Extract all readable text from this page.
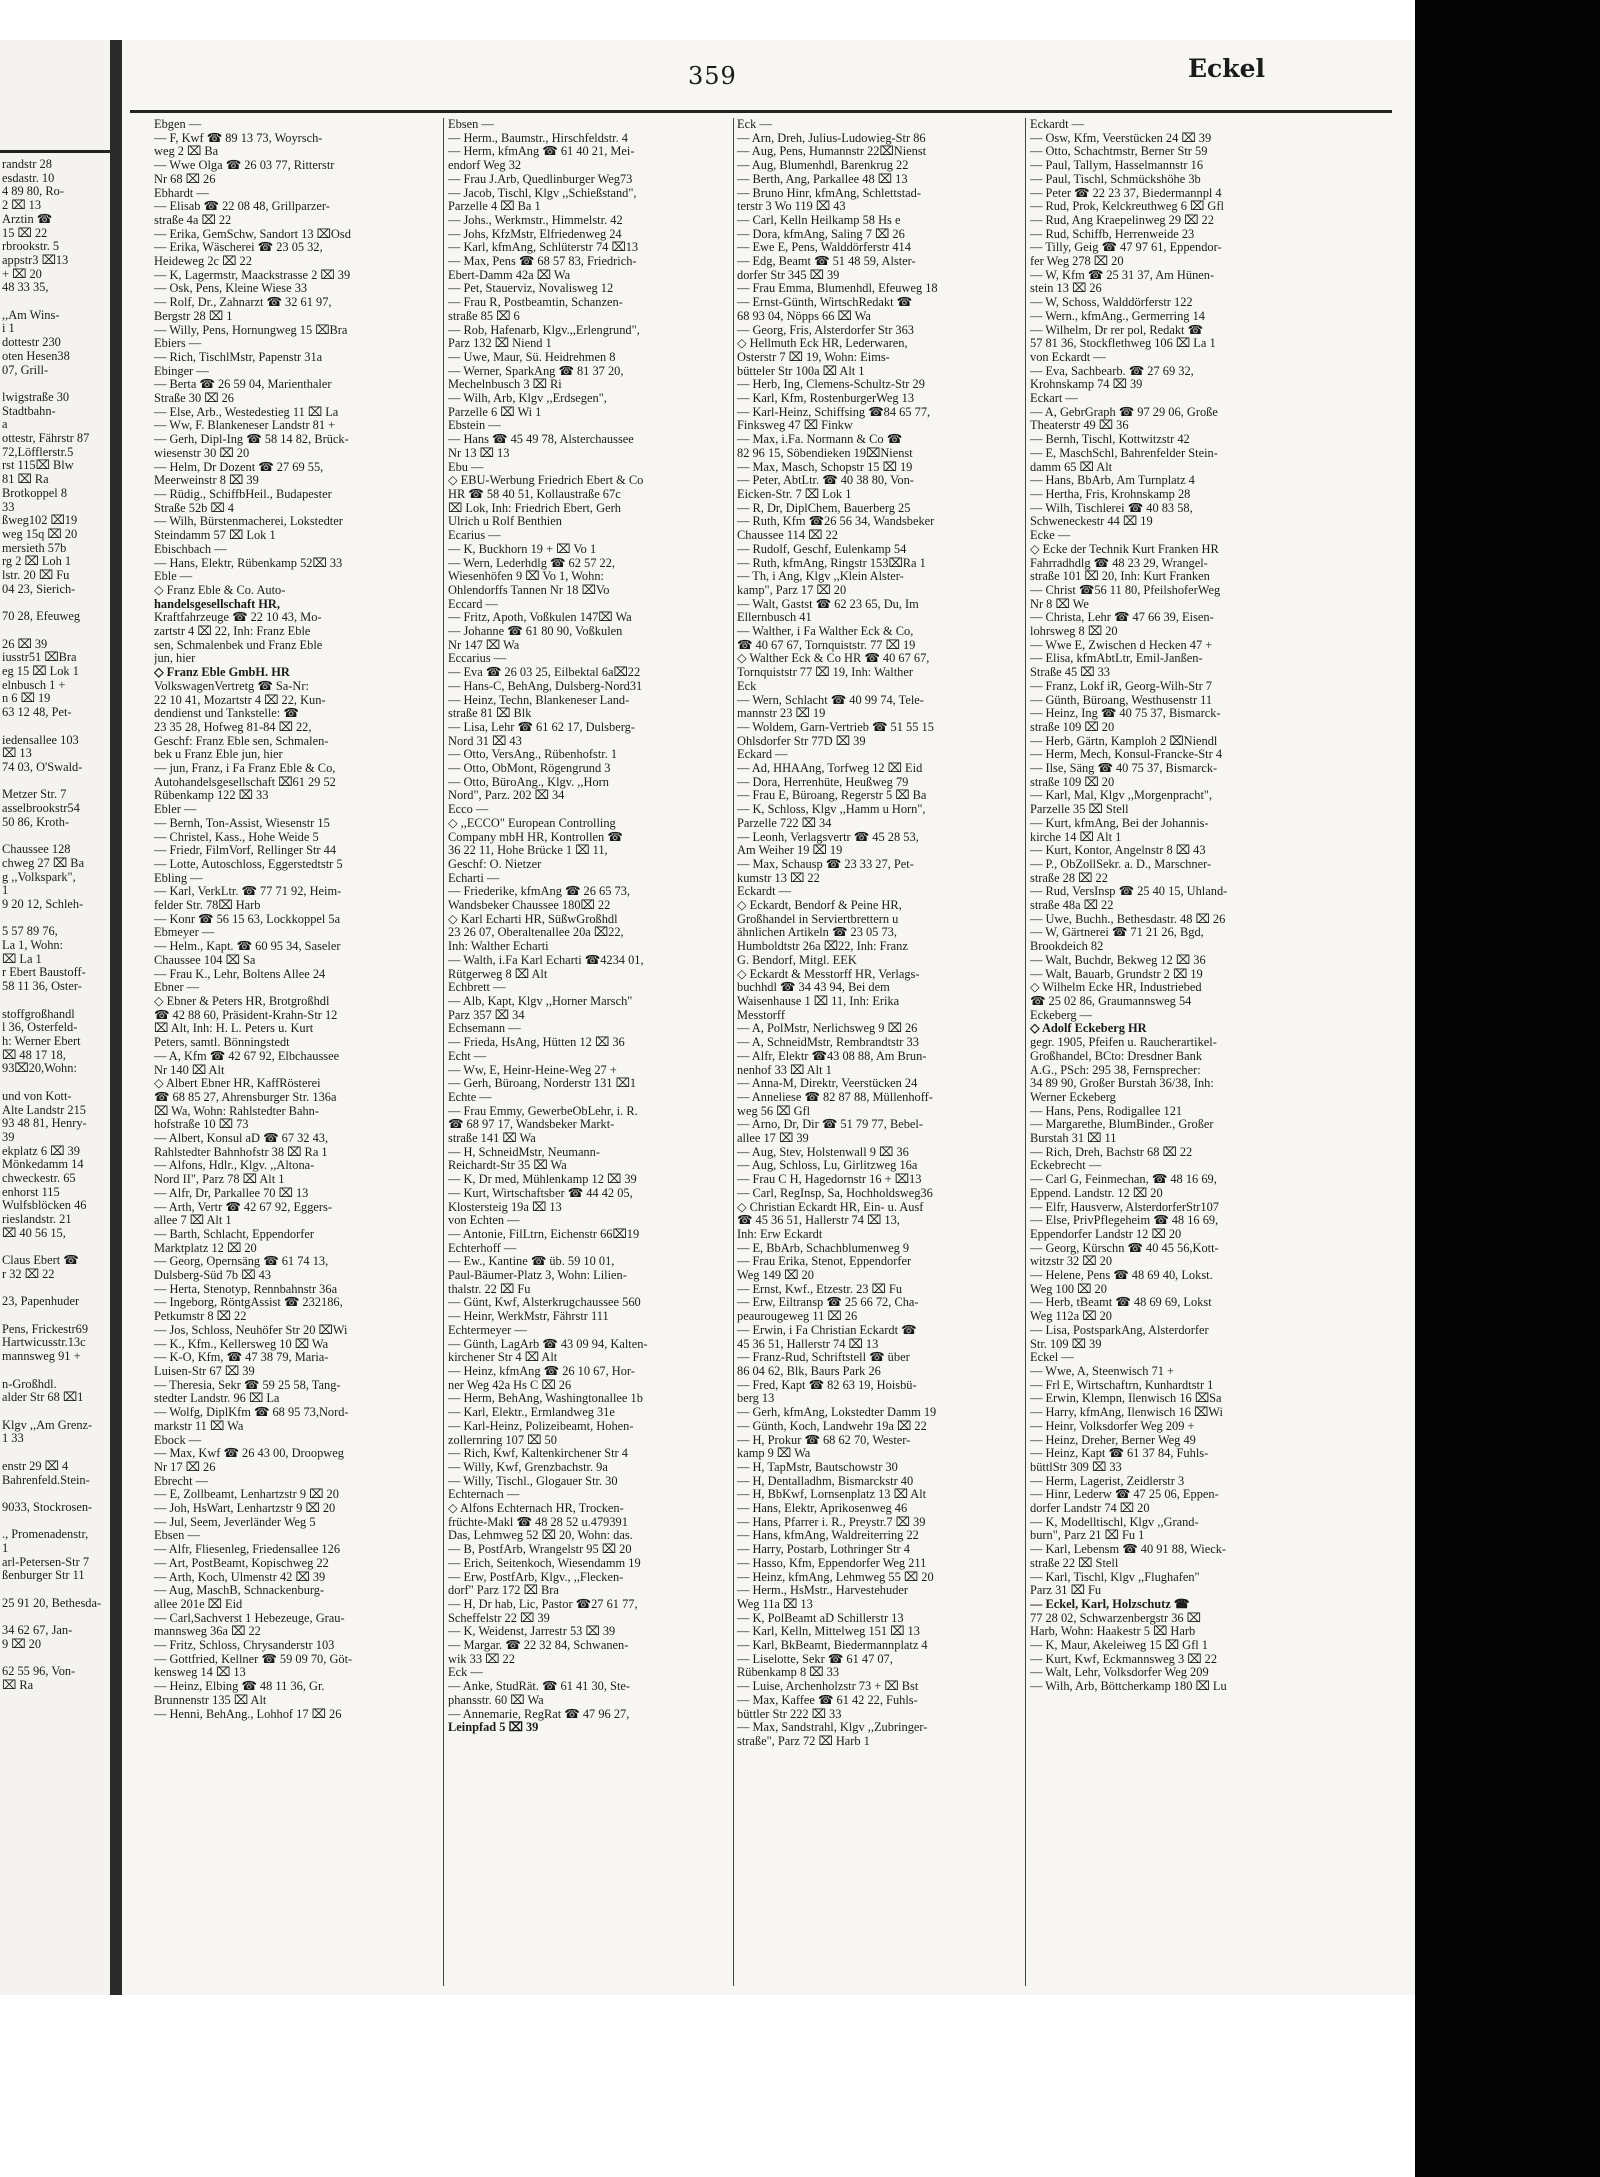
randstr 28
esdastr. 10
4 89 80, Ro-
2 ⌧ 13
Arztin ☎
15 ⌧ 22
rbrookstr. 5
appstr3 ⌧13
+ ⌧ 20
48 33 35,

,,Am Wins-
i 1
dottestr 230
oten Hesen38
07, Grill-

lwigstraße 30
Stadtbahn-
a
ottestr, Fährstr 87
72,Löfflerstr.5
rst 115⌧ Blw
81 ⌧ Ra
Brotkoppel 8
33
ßweg102 ⌧19
weg 15q ⌧ 20
mersieth 57b
rg 2 ⌧ Loh 1
lstr. 20 ⌧ Fu
04 23, Sierich-

70 28, Efeuweg

26 ⌧ 39
iusstr51 ⌧Bra
eg 15 ⌧ Lok 1
elnbusch 1 +
n 6 ⌧ 19
63 12 48, Pet-

iedensallee 103
⌧ 13
74 03, O'Swald-

Metzer Str. 7
asselbrookstr54
50 86, Kroth-

Chaussee 128
chweg 27 ⌧ Ba
g ,,Volkspark",
1
9 20 12, Schleh-

5 57 89 76,
La 1, Wohn:
⌧ La 1
r Ebert Baustoff-
58 11 36, Oster-

stoffgroßhandl
l 36, Osterfeld-
h: Werner Ebert
⌧ 48 17 18,
93⌧20,Wohn:

und von Kott-
Alte Landstr 215
93 48 81, Henry-
39
ekplatz 6 ⌧ 39
Mönkedamm 14
chweckestr. 65
enhorst 115
Wulfsblöcken 46
rieslandstr. 21
⌧ 40 56 15,

Claus Ebert ☎
r 32 ⌧ 22

23, Papenhuder

Pens, Frickestr69
Hartwicusstr.13c
mannsweg 91 +

n-Großhdl.
alder Str 68 ⌧1

Klgv ,,Am Grenz-
1 33

enstr 29 ⌧ 4
Bahrenfeld.Stein-

9033, Stockrosen-

., Promenadenstr,
1
arl-Petersen-Str 7
ßenburger Str 11

25 91 20, Bethesda-

34 62 67, Jan-
9 ⌧ 20

62 55 96, Von-
⌧ Ra
359	Eckel
Ebgen —
— F, Kwf ☎ 89 13 73, Woyrsch-
weg 2 ⌧ Ba
— Wwe Olga ☎ 26 03 77, Ritterstr
Nr 68 ⌧ 26
Ebhardt —
— Elisab ☎ 22 08 48, Grillparzer-
straße 4a ⌧ 22
— Erika, GemSchw, Sandort 13 ⌧Osd
— Erika, Wäscherei ☎ 23 05 32,
Heideweg 2c ⌧ 22
— K, Lagermstr, Maackstrasse 2 ⌧ 39
— Osk, Pens, Kleine Wiese 33
— Rolf, Dr., Zahnarzt ☎ 32 61 97,
Bergstr 28 ⌧ 1
— Willy, Pens, Hornungweg 15 ⌧Bra
Ebiers —
— Rich, TischlMstr, Papenstr 31a
Ebinger —
— Berta ☎ 26 59 04, Marienthaler
Straße 30 ⌧ 26
— Else, Arb., Westedestieg 11 ⌧ La
— Ww, F. Blankeneser Landstr 81 +
— Gerh, Dipl-Ing ☎ 58 14 82, Brück-
wiesenstr 30 ⌧ 20
— Helm, Dr Dozent ☎ 27 69 55,
Meerweinstr 8 ⌧ 39
— Rüdig., SchiffbHeil., Budapester
Straße 52b ⌧ 4
— Wilh, Bürstenmacherei, Lokstedter
Steindamm 57 ⌧ Lok 1
Ebischbach —
— Hans, Elektr, Rübenkamp 52⌧ 33
Eble —
◇ Franz Eble & Co. Auto-
handelsgesellschaft HR,
Kraftfahrzeuge ☎ 22 10 43, Mo-
zartstr 4 ⌧ 22, Inh: Franz Eble
sen, Schmalenbek und Franz Eble
jun, hier
◇ Franz Eble GmbH. HR
VolkswagenVertretg ☎ Sa-Nr:
22 10 41, Mozartstr 4 ⌧ 22, Kun-
dendienst und Tankstelle: ☎
23 35 28, Hofweg 81-84 ⌧ 22,
Geschf: Franz Eble sen, Schmalen-
bek u Franz Eble jun, hier
— jun, Franz, i Fa Franz Eble & Co,
Autohandelsgesellschaft ⌧61 29 52
Rübenkamp 122 ⌧ 33
Ebler —
— Bernh, Ton-Assist, Wiesenstr 15
— Christel, Kass., Hohe Weide 5
— Friedr, FilmVorf, Rellinger Str 44
— Lotte, Autoschloss, Eggerstedtstr 5
Ebling —
— Karl, VerkLtr. ☎ 77 71 92, Heim-
felder Str. 78⌧ Harb
— Konr ☎ 56 15 63, Lockkoppel 5a
Ebmeyer —
— Helm., Kapt. ☎ 60 95 34, Saseler
Chaussee 104 ⌧ Sa
— Frau K., Lehr, Boltens Allee 24
Ebner —
◇ Ebner & Peters HR, Brotgroßhdl
☎ 42 88 60, Präsident-Krahn-Str 12
⌧ Alt, Inh: H. L. Peters u. Kurt
Peters, samtl. Bönningstedt
— A, Kfm ☎ 42 67 92, Elbchaussee
Nr 140 ⌧ Alt
◇ Albert Ebner HR, KaffRösterei
☎ 68 85 27, Ahrensburger Str. 136a
⌧ Wa, Wohn: Rahlstedter Bahn-
hofstraße 10 ⌧ 73
— Albert, Konsul aD ☎ 67 32 43,
Rahlstedter Bahnhofstr 38 ⌧ Ra 1
— Alfons, Hdlr., Klgv. ,,Altona-
Nord II", Parz 78 ⌧ Alt 1
— Alfr, Dr, Parkallee 70 ⌧ 13
— Arth, Vertr ☎ 42 67 92, Eggers-
allee 7 ⌧ Alt 1
— Barth, Schlacht, Eppendorfer
Marktplatz 12 ⌧ 20
— Georg, Opernsäng ☎ 61 74 13,
Dulsberg-Süd 7b ⌧ 43
— Herta, Stenotyp, Rennbahnstr 36a
— Ingeborg, RöntgAssist ☎ 232186,
Petkumstr 8 ⌧ 22
— Jos, Schloss, Neuhöfer Str 20 ⌧Wi
— K., Kfm., Kellersweg 10 ⌧ Wa
— K-O, Kfm, ☎ 47 38 79, Maria-
Luisen-Str 67 ⌧ 39
— Theresia, Sekr ☎ 59 25 58, Tang-
stedter Landstr. 96 ⌧ La
— Wolfg, DiplKfm ☎ 68 95 73,Nord-
markstr 11 ⌧ Wa
Ebock —
— Max, Kwf ☎ 26 43 00, Droopweg
Nr 17 ⌧ 26
Ebrecht —
— E, Zollbeamt, Lenhartzstr 9 ⌧ 20
— Joh, HsWart, Lenhartzstr 9 ⌧ 20
— Jul, Seem, Jeverländer Weg 5
Ebsen —
— Alfr, Fliesenleg, Friedensallee 126
— Art, PostBeamt, Kopischweg 22
— Arth, Koch, Ulmenstr 42 ⌧ 39
— Aug, MaschB, Schnackenburg-
allee 201e ⌧ Eid
— Carl,Sachverst 1 Hebezeuge, Grau-
mannsweg 36a ⌧ 22
— Fritz, Schloss, Chrysanderstr 103
— Gottfried, Kellner ☎ 59 09 70, Göt-
kensweg 14 ⌧ 13
— Heinz, Elbing ☎ 48 11 36, Gr.
Brunnenstr 135 ⌧ Alt
— Henni, BehAng., Lohhof 17 ⌧ 26
Ebsen —
— Herm., Baumstr., Hirschfeldstr. 4
— Herm, kfmAng ☎ 61 40 21, Mei-
endorf Weg 32
— Frau J.Arb, Quedlinburger Weg73
— Jacob, Tischl, Klgv ,,Schießstand",
Parzelle 4 ⌧ Ba 1
— Johs., Werkmstr., Himmelstr. 42
— Johs, KfzMstr, Elfriedenweg 24
— Karl, kfmAng, Schlüterstr 74 ⌧13
— Max, Pens ☎ 68 57 83, Friedrich-
Ebert-Damm 42a ⌧ Wa
— Pet, Stauerviz, Novalisweg 12
— Frau R, Postbeamtin, Schanzen-
straße 85 ⌧ 6
— Rob, Hafenarb, Klgv.,,Erlengrund",
Parz 132 ⌧ Niend 1
— Uwe, Maur, Sü. Heidrehmen 8
— Werner, SparkAng ☎ 81 37 20,
Mechelnbusch 3 ⌧ Ri
— Wilh, Arb, Klgv ,,Erdsegen",
Parzelle 6 ⌧ Wi 1
Ebstein —
— Hans ☎ 45 49 78, Alsterchaussee
Nr 13 ⌧ 13
Ebu —
◇ EBU-Werbung Friedrich Ebert & Co
HR ☎ 58 40 51, Kollaustraße 67c
⌧ Lok, Inh: Friedrich Ebert, Gerh
Ulrich u Rolf Benthien
Ecarius —
— K, Buckhorn 19 + ⌧ Vo 1
— Wern, Lederhdlg ☎ 62 57 22,
Wiesenhöfen 9 ⌧ Vo 1, Wohn:
Ohlendorffs Tannen Nr 18 ⌧Vo
Eccard —
— Fritz, Apoth, Voßkulen 147⌧ Wa
— Johanne ☎ 61 80 90, Voßkulen
Nr 147 ⌧ Wa
Eccarius —
— Eva ☎ 26 03 25, Eilbektal 6a⌧22
— Hans-C, BehAng, Dulsberg-Nord31
— Heinz, Techn, Blankeneser Land-
straße 81 ⌧ Blk
— Lisa, Lehr ☎ 61 62 17, Dulsberg-
Nord 31 ⌧ 43
— Otto, VersAng., Rübenhofstr. 1
— Otto, ObMont, Rögengrund 3
— Otto, BüroAng., Klgv. ,,Horn
Nord", Parz. 202 ⌧ 34
Ecco —
◇ ,,ECCO" European Controlling
Company mbH HR, Kontrollen ☎
36 22 11, Hohe Brücke 1 ⌧ 11,
Geschf: O. Nietzer
Echarti —
— Friederike, kfmAng ☎ 26 65 73,
Wandsbeker Chaussee 180⌧ 22
◇ Karl Echarti HR, SüßwGroßhdl
23 26 07, Oberaltenallee 20a ⌧22,
Inh: Walther Echarti
— Walth, i.Fa Karl Echarti ☎4234 01,
Rütgerweg 8 ⌧ Alt
Echbrett —
— Alb, Kapt, Klgv ,,Horner Marsch"
Parz 357 ⌧ 34
Echsemann —
— Frieda, HsAng, Hütten 12 ⌧ 36
Echt —
— Ww, E, Heinr-Heine-Weg 27 +
— Gerh, Büroang, Norderstr 131 ⌧1
Echte —
— Frau Emmy, GewerbeObLehr, i. R.
☎ 68 97 17, Wandsbeker Markt-
straße 141 ⌧ Wa
— H, SchneidMstr, Neumann-
Reichardt-Str 35 ⌧ Wa
— K, Dr med, Mühlenkamp 12 ⌧ 39
— Kurt, Wirtschaftsber ☎ 44 42 05,
Klostersteig 19a ⌧ 13
von Echten —
— Antonie, FilLtrn, Eichenstr 66⌧19
Echterhoff —
— Ew., Kantine ☎ üb. 59 10 01,
Paul-Bäumer-Platz 3, Wohn: Lilien-
thalstr. 22 ⌧ Fu
— Günt, Kwf, Alsterkrugchaussee 560
— Heinr, WerkMstr, Fährstr 111
Echtermeyer —
— Günth, LagArb ☎ 43 09 94, Kalten-
kirchener Str 4 ⌧ Alt
— Heinz, kfmAng ☎ 26 10 67, Hor-
ner Weg 42a Hs C ⌧ 26
— Herm, BehAng, Washingtonallee 1b
— Karl, Elektr., Ermlandweg 31e
— Karl-Heinz, Polizeibeamt, Hohen-
zollernring 107 ⌧ 50
— Rich, Kwf, Kaltenkirchener Str 4
— Willy, Kwf, Grenzbachstr. 9a
— Willy, Tischl., Glogauer Str. 30
Echternach —
◇ Alfons Echternach HR, Trocken-
früchte-Makl ☎ 48 28 52 u.479391
Das, Lehmweg 52 ⌧ 20, Wohn: das.
— B, PostfArb, Wrangelstr 95 ⌧ 20
— Erich, Seitenkoch, Wiesendamm 19
— Erw, PostfArb, Klgv., ,,Flecken-
dorf" Parz 172 ⌧ Bra
— H, Dr hab, Lic, Pastor ☎27 61 77,
Scheffelstr 22 ⌧ 39
— K, Weidenst, Jarrestr 53 ⌧ 39
— Margar. ☎ 22 32 84, Schwanen-
wik 33 ⌧ 22
Eck —
— Anke, StudRät. ☎ 61 41 30, Ste-
phansstr. 60 ⌧ Wa
— Annemarie, RegRat ☎ 47 96 27,
Leinpfad 5 ⌧ 39
Eck —
— Arn, Dreh, Julius-Ludowieg-Str 86
— Aug, Pens, Humannstr 22⌧Nienst
— Aug, Blumenhdl, Barenkrug 22
— Berth, Ang, Parkallee 48 ⌧ 13
— Bruno Hinr, kfmAng, Schlettstad-
terstr 3 Wo 119 ⌧ 43
— Carl, Kelln Heilkamp 58 Hs e
— Dora, kfmAng, Saling 7 ⌧ 26
— Ewe E, Pens, Walddörferstr 414
— Edg, Beamt ☎ 51 48 59, Alster-
dorfer Str 345 ⌧ 39
— Frau Emma, Blumenhdl, Efeuweg 18
— Ernst-Günth, WirtschRedakt ☎
68 93 04, Nöpps 66 ⌧ Wa
— Georg, Fris, Alsterdorfer Str 363
◇ Hellmuth Eck HR, Lederwaren,
Osterstr 7 ⌧ 19, Wohn: Eims-
bütteler Str 100a ⌧ Alt 1
— Herb, Ing, Clemens-Schultz-Str 29
— Karl, Kfm, RostenburgerWeg 13
— Karl-Heinz, Schiffsing ☎84 65 77,
Finksweg 47 ⌧ Finkw
— Max, i.Fa. Normann & Co ☎
82 96 15, Söbendieken 19⌧Nienst
— Max, Masch, Schopstr 15 ⌧ 19
— Peter, AbtLtr. ☎ 40 38 80, Von-
Eicken-Str. 7 ⌧ Lok 1
— R, Dr, DiplChem, Bauerberg 25
— Ruth, Kfm ☎26 56 34, Wandsbeker
Chaussee 114 ⌧ 22
— Rudolf, Geschf, Eulenkamp 54
— Ruth, kfmAng, Ringstr 153⌧Ra 1
— Th, i Ang, Klgv ,,Klein Alster-
kamp", Parz 17 ⌧ 20
— Walt, Gastst ☎ 62 23 65, Du, Im
Ellernbusch 41
— Walther, i Fa Walther Eck & Co,
☎ 40 67 67, Tornquiststr. 77 ⌧ 19
◇ Walther Eck & Co HR ☎ 40 67 67,
Tornquiststr 77 ⌧ 19, Inh: Walther
Eck
— Wern, Schlacht ☎ 40 99 74, Tele-
mannstr 23 ⌧ 19
— Woldem, Garn-Vertrieb ☎ 51 55 15
Ohlsdorfer Str 77D ⌧ 39
Eckard —
— Ad, HHAAng, Torfweg 12 ⌧ Eid
— Dora, Herrenhüte, Heußweg 79
— Frau E, Büroang, Regerstr 5 ⌧ Ba
— K, Schloss, Klgv ,,Hamm u Horn",
Parzelle 722 ⌧ 34
— Leonh, Verlagsvertr ☎ 45 28 53,
Am Weiher 19 ⌧ 19
— Max, Schausp ☎ 23 33 27, Pet-
kumstr 13 ⌧ 22
Eckardt —
◇ Eckardt, Bendorf & Peine HR,
Großhandel in Serviertbrettern u
ähnlichen Artikeln ☎ 23 05 73,
Humboldtstr 26a ⌧22, Inh: Franz
G. Bendorf, Mitgl. EEK
◇ Eckardt & Messtorff HR, Verlags-
buchhdl ☎ 34 43 94, Bei dem
Waisenhause 1 ⌧ 11, Inh: Erika
Messtorff
— A, PolMstr, Nerlichsweg 9 ⌧ 26
— A, SchneidMstr, Rembrandtstr 33
— Alfr, Elektr ☎43 08 88, Am Brun-
nenhof 33 ⌧ Alt 1
— Anna-M, Direktr, Veerstücken 24
— Anneliese ☎ 82 87 88, Müllenhoff-
weg 56 ⌧ Gfl
— Arno, Dr, Dir ☎ 51 79 77, Bebel-
allee 17 ⌧ 39
— Aug, Stev, Holstenwall 9 ⌧ 36
— Aug, Schloss, Lu, Girlitzweg 16a
— Frau C H, Hagedornstr 16 + ⌧13
— Carl, RegInsp, Sa, Hochholdsweg36
◇ Christian Eckardt HR, Ein- u. Ausf
☎ 45 36 51, Hallerstr 74 ⌧ 13,
Inh: Erw Eckardt
— E, BbArb, Schachblumenweg 9
— Frau Erika, Stenot, Eppendorfer
Weg 149 ⌧ 20
— Ernst, Kwf., Etzestr. 23 ⌧ Fu
— Erw, Eiltransp ☎ 25 66 72, Cha-
peaurougeweg 11 ⌧ 26
— Erwin, i Fa Christian Eckardt ☎
45 36 51, Hallerstr 74 ⌧ 13
— Franz-Rud, Schriftstell ☎ über
86 04 62, Blk, Baurs Park 26
— Fred, Kapt ☎ 82 63 19, Hoisbü-
berg 13
— Gerh, kfmAng, Lokstedter Damm 19
— Günth, Koch, Landwehr 19a ⌧ 22
— H, Prokur ☎ 68 62 70, Wester-
kamp 9 ⌧ Wa
— H, TapMstr, Bautschowstr 30
— H, Dentalladhm, Bismarckstr 40
— H, BbKwf, Lornsenplatz 13 ⌧ Alt
— Hans, Elektr, Aprikosenweg 46
— Hans, Pfarrer i. R., Preystr.7 ⌧ 39
— Hans, kfmAng, Waldreiterring 22
— Harry, Postarb, Lothringer Str 4
— Hasso, Kfm, Eppendorfer Weg 211
— Heinz, kfmAng, Lehmweg 55 ⌧ 20
— Herm., HsMstr., Harvestehuder
Weg 11a ⌧ 13
— K, PolBeamt aD Schillerstr 13
— Karl, Kelln, Mittelweg 151 ⌧ 13
— Karl, BkBeamt, Biedermannplatz 4
— Liselotte, Sekr ☎ 61 47 07,
Rübenkamp 8 ⌧ 33
— Luise, Archenholzstr 73 + ⌧ Bst
— Max, Kaffee ☎ 61 42 22, Fuhls-
büttler Str 222 ⌧ 33
— Max, Sandstrahl, Klgv ,,Zubringer-
straße", Parz 72 ⌧ Harb 1
Eckardt —
— Osw, Kfm, Veerstücken 24 ⌧ 39
— Otto, Schachtmstr, Berner Str 59
— Paul, Tallym, Hasselmannstr 16
— Paul, Tischl, Schmückshöhe 3b
— Peter ☎ 22 23 37, Biedermannpl 4
— Rud, Prok, Kelckreuthweg 6 ⌧ Gfl
— Rud, Ang Kraepelinweg 29 ⌧ 22
— Rud, Schiffb, Herrenweide 23
— Tilly, Geig ☎ 47 97 61, Eppendor-
fer Weg 278 ⌧ 20
— W, Kfm ☎ 25 31 37, Am Hünen-
stein 13 ⌧ 26
— W, Schoss, Walddörferstr 122
— Wern., kfmAng., Germerring 14
— Wilhelm, Dr rer pol, Redakt ☎
57 81 36, Stockflethweg 106 ⌧ La 1
von Eckardt —
— Eva, Sachbearb. ☎ 27 69 32,
Krohnskamp 74 ⌧ 39
Eckart —
— A, GebrGraph ☎ 97 29 06, Große
Theaterstr 49 ⌧ 36
— Bernh, Tischl, Kottwitzstr 42
— E, MaschSchl, Bahrenfelder Stein-
damm 65 ⌧ Alt
— Hans, BbArb, Am Turnplatz 4
— Hertha, Fris, Krohnskamp 28
— Wilh, Tischlerei ☎ 40 83 58,
Schweneckestr 44 ⌧ 19
Ecke —
◇ Ecke der Technik Kurt Franken HR
Fahrradhdlg ☎ 48 23 29, Wrangel-
straße 101 ⌧ 20, Inh: Kurt Franken
— Christ ☎56 11 80, PfeilshoferWeg
Nr 8 ⌧ We
— Christa, Lehr ☎ 47 66 39, Eisen-
lohrsweg 8 ⌧ 20
— Wwe E, Zwischen d Hecken 47 +
— Elisa, kfmAbtLtr, Emil-Janßen-
Straße 45 ⌧ 33
— Franz, Lokf iR, Georg-Wilh-Str 7
— Günth, Büroang, Westhusenstr 11
— Heinz, Ing ☎ 40 75 37, Bismarck-
straße 109 ⌧ 20
— Herb, Gärtn, Kamploh 2 ⌧Niendl
— Herm, Mech, Konsul-Francke-Str 4
— Ilse, Säng ☎ 40 75 37, Bismarck-
straße 109 ⌧ 20
— Karl, Mal, Klgv ,,Morgenpracht",
Parzelle 35 ⌧ Stell
— Kurt, kfmAng, Bei der Johannis-
kirche 14 ⌧ Alt 1
— Kurt, Kontor, Angelnstr 8 ⌧ 43
— P., ObZollSekr. a. D., Marschner-
straße 28 ⌧ 22
— Rud, VersInsp ☎ 25 40 15, Uhland-
straße 48a ⌧ 22
— Uwe, Buchh., Bethesdastr. 48 ⌧ 26
— W, Gärtnerei ☎ 71 21 26, Bgd,
Brookdeich 82
— Walt, Buchdr, Bekweg 12 ⌧ 36
— Walt, Bauarb, Grundstr 2 ⌧ 19
◇ Wilhelm Ecke HR, Industriebed
☎ 25 02 86, Graumannsweg 54
Eckeberg —
◇ Adolf Eckeberg HR
gegr. 1905, Pfeifen u. Raucherartikel-
Großhandel, BCto: Dresdner Bank
A.G., PSch: 295 38, Fernsprecher:
34 89 90, Großer Burstah 36/38, Inh:
Werner Eckeberg
— Hans, Pens, Rodigallee 121
— Margarethe, BlumBinder., Großer
Burstah 31 ⌧ 11
— Rich, Dreh, Bachstr 68 ⌧ 22
Eckebrecht —
— Carl G, Feinmechan, ☎ 48 16 69,
Eppend. Landstr. 12 ⌧ 20
— Elfr, Hausverw, AlsterdorferStr107
— Else, PrivPflegeheim ☎ 48 16 69,
Eppendorfer Landstr 12 ⌧ 20
— Georg, Kürschn ☎ 40 45 56,Kott-
witzstr 32 ⌧ 20
— Helene, Pens ☎ 48 69 40, Lokst.
Weg 100 ⌧ 20
— Herb, tBeamt ☎ 48 69 69, Lokst
Weg 112a ⌧ 20
— Lisa, PostsparkAng, Alsterdorfer
Str. 109 ⌧ 39
Eckel —
— Wwe, A, Steenwisch 71 +
— Frl E, Wirtschaftrn, Kunhardtstr 1
— Erwin, Klempn, Ilenwisch 16 ⌧Sa
— Harry, kfmAng, Ilenwisch 16 ⌧Wi
— Heinr, Volksdorfer Weg 209 +
— Heinz, Dreher, Berner Weg 49
— Heinz, Kapt ☎ 61 37 84, Fuhls-
büttlStr 309 ⌧ 33
— Herm, Lagerist, Zeidlerstr 3
— Hinr, Lederw ☎ 47 25 06, Eppen-
dorfer Landstr 74 ⌧ 20
— K, Modelltischl, Klgv ,,Grand-
burn", Parz 21 ⌧ Fu 1
— Karl, Lebensm ☎ 40 91 88, Wieck-
straße 22 ⌧ Stell
— Karl, Tischl, Klgv ,,Flughafen"
Parz 31 ⌧ Fu
— Eckel, Karl, Holzschutz ☎
77 28 02, Schwarzenbergstr 36 ⌧
Harb, Wohn: Haakestr 5 ⌧ Harb
— K, Maur, Akeleiweg 15 ⌧ Gfl 1
— Kurt, Kwf, Eckmannsweg 3 ⌧ 22
— Walt, Lehr, Volksdorfer Weg 209
— Wilh, Arb, Böttcherkamp 180 ⌧ Lu
